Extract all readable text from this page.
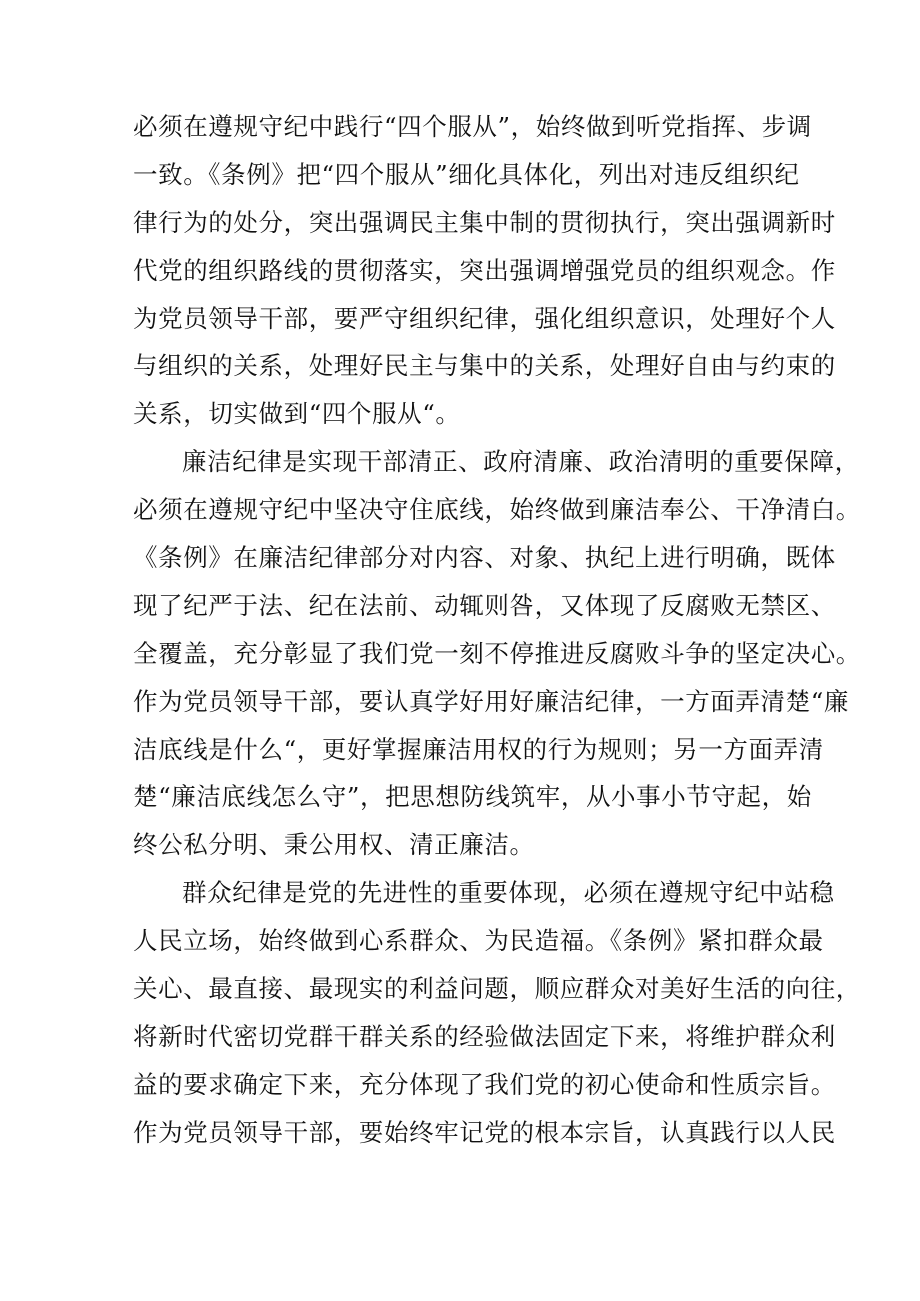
必须在遵规守纪中践行“四个服从”，始终做到听党指挥、步调
一致。《条例》把“四个服从”细化具体化，列出对违反组织纪
律行为的处分，突出强调民主集中制的贯彻执行，突出强调新时
代党的组织路线的贯彻落实，突出强调增强党员的组织观念。作
为党员领导干部，要严守组织纪律，强化组织意识，处理好个人
与组织的关系，处理好民主与集中的关系，处理好自由与约束的
关系，切实做到“四个服从“。

廉洁纪律是实现干部清正、政府清廉、政治清明的重要保障，
必须在遵规守纪中坚决守住底线，始终做到廉洁奉公、干净清白。
《条例》在廉洁纪律部分对内容、对象、执纪上进行明确，既体
现了纪严于法、纪在法前、动辄则咎，又体现了反腐败无禁区、
全覆盖，充分彰显了我们党一刻不停推进反腐败斗争的坚定决心。
作为党员领导干部，要认真学好用好廉洁纪律，一方面弄清楚“廉
洁底线是什么“，更好掌握廉洁用权的行为规则；另一方面弄清
楚“廉洁底线怎么守”，把思想防线筑牢，从小事小节守起，始
终公私分明、秉公用权、清正廉洁。

群众纪律是党的先进性的重要体现，必须在遵规守纪中站稳
人民立场，始终做到心系群众、为民造福。《条例》紧扣群众最
关心、最直接、最现实的利益问题，顺应群众对美好生活的向往，
将新时代密切党群干群关系的经验做法固定下来，将维护群众利
益的要求确定下来，充分体现了我们党的初心使命和性质宗旨。
作为党员领导干部，要始终牢记党的根本宗旨，认真践行以人民
